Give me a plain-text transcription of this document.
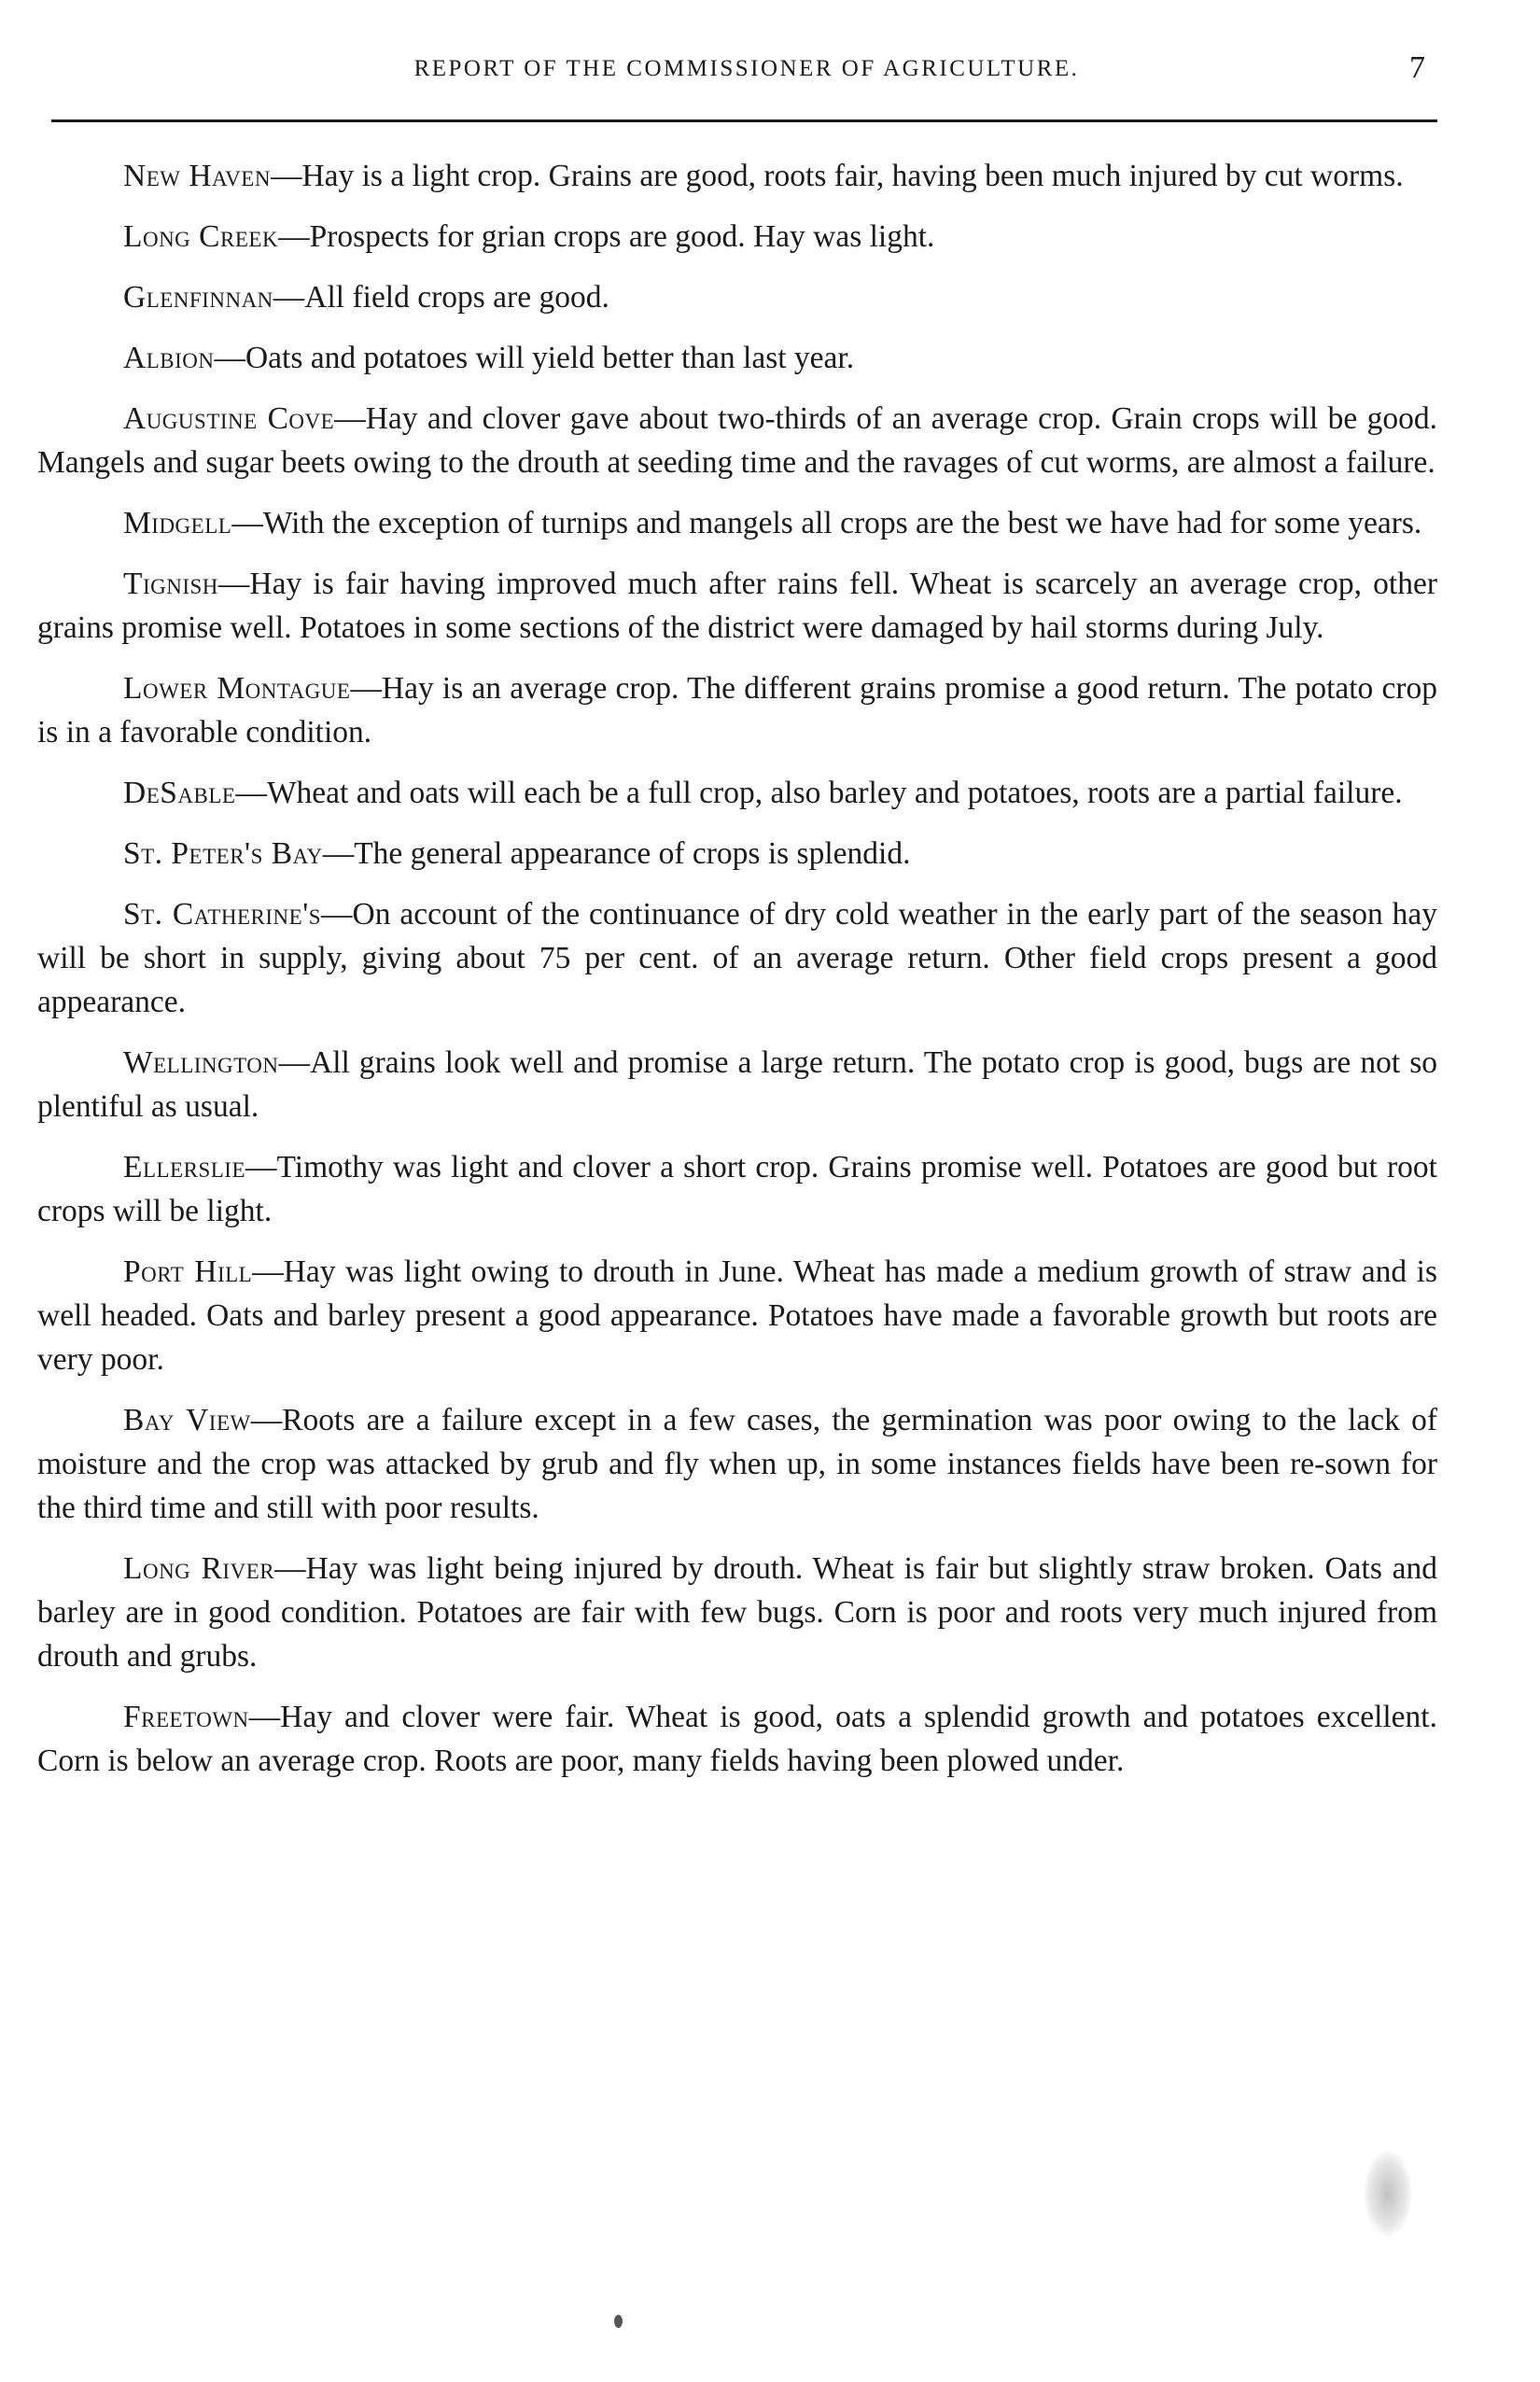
REPORT OF THE COMMISSIONER OF AGRICULTURE.	7

New Haven—Hay is a light crop. Grains are good, roots fair, having been much injured by cut worms.

Long Creek—Prospects for grian crops are good. Hay was light.

Glenfinnan—All field crops are good.

Albion—Oats and potatoes will yield better than last year.

Augustine Cove—Hay and clover gave about two-thirds of an average crop. Grain crops will be good. Mangels and sugar beets owing to the drouth at seeding time and the ravages of cut worms, are almost a failure.

Midgell—With the exception of turnips and mangels all crops are the best we have had for some years.

Tignish—Hay is fair having improved much after rains fell. Wheat is scarcely an average crop, other grains promise well. Potatoes in some sections of the district were damaged by hail storms during July.

Lower Montague—Hay is an average crop. The different grains promise a good return. The potato crop is in a favorable condition.

DeSable—Wheat and oats will each be a full crop, also barley and potatoes, roots are a partial failure.

St. Peter's Bay—The general appearance of crops is splendid.

St. Catherine's—On account of the continuance of dry cold weather in the early part of the season hay will be short in supply, giving about 75 per cent. of an average return. Other field crops present a good appearance.

Wellington—All grains look well and promise a large return. The potato crop is good, bugs are not so plentiful as usual.

Ellerslie—Timothy was light and clover a short crop. Grains promise well. Potatoes are good but root crops will be light.

Port Hill—Hay was light owing to drouth in June. Wheat has made a medium growth of straw and is well headed. Oats and barley present a good appearance. Potatoes have made a favorable growth but roots are very poor.

Bay View—Roots are a failure except in a few cases, the germination was poor owing to the lack of moisture and the crop was attacked by grub and fly when up, in some instances fields have been re-sown for the third time and still with poor results.

Long River—Hay was light being injured by drouth. Wheat is fair but slightly straw broken. Oats and barley are in good condition. Potatoes are fair with few bugs. Corn is poor and roots very much injured from drouth and grubs.

Freetown—Hay and clover were fair. Wheat is good, oats a splendid growth and potatoes excellent. Corn is below an average crop. Roots are poor, many fields having been plowed under.
